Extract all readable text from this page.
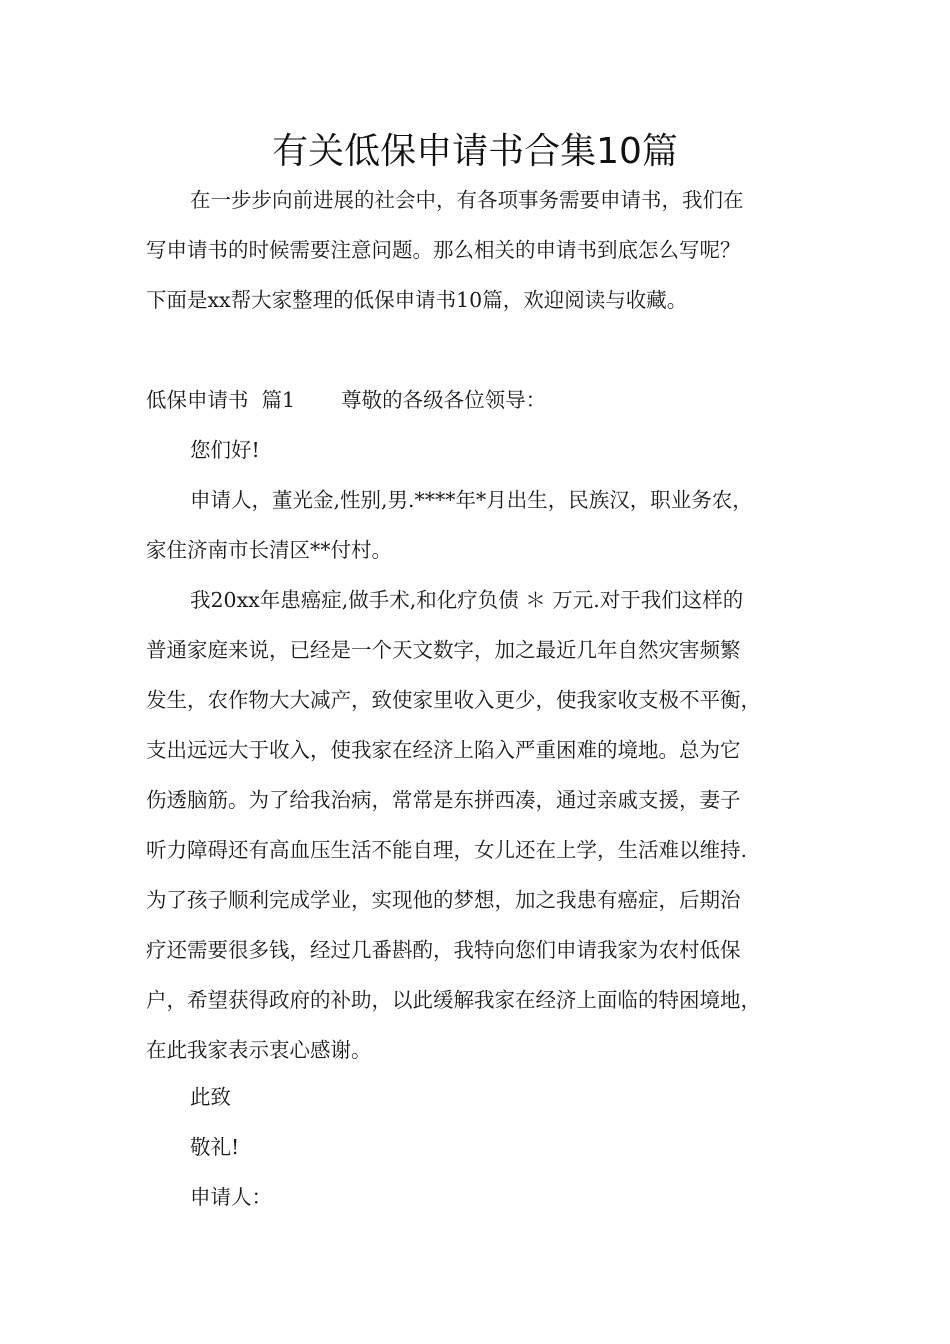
有关低保申请书合集10篇
在一步步向前进展的社会中，有各项事务需要申请书，我们在
写申请书的时候需要注意问题。那么相关的申请书到底怎么写呢？
下面是xx帮大家整理的低保申请书10篇，欢迎阅读与收藏。
低保申请书  篇1 尊敬的各级各位领导：
您们好!
申请人，董光金,性别,男.****年*月出生，民族汉，职业务农，
家住济南市长清区**付村。
我20xx年患癌症,做手术,和化疗负债 ＊ 万元.对于我们这样的
普通家庭来说，已经是一个天文数字，加之最近几年自然灾害频繁
发生，农作物大大减产，致使家里收入更少，使我家收支极不平衡，
支出远远大于收入，使我家在经济上陷入严重困难的境地。总为它
伤透脑筋。为了给我治病，常常是东拼西凑，通过亲戚支援，妻子
听力障碍还有高血压生活不能自理，女儿还在上学，生活难以维持.
为了孩子顺利完成学业，实现他的梦想，加之我患有癌症，后期治
疗还需要很多钱，经过几番斟酌，我特向您们申请我家为农村低保
户，希望获得政府的补助，以此缓解我家在经济上面临的特困境地，
在此我家表示衷心感谢。
此致
敬礼!
申请人：
